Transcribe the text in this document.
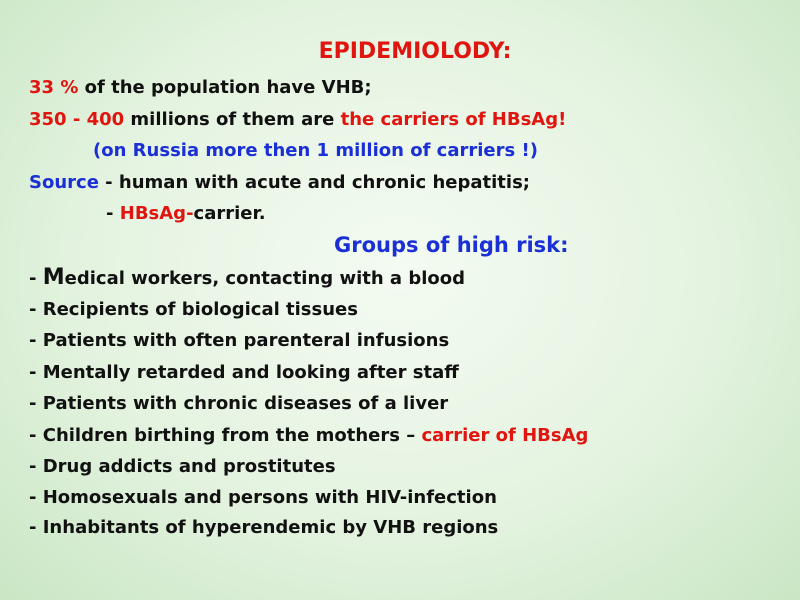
EPIDEMIOLODY:
33 % of the population have VHB;
350 - 400 millions of them are the carriers of HBsAg!
(on Russia more then 1 million of carriers !)
Source - human with acute and chronic hepatitis;
- HBsAg-carrier.
Groups of high risk:
- Medical workers, contacting with a blood
- Recipients of biological tissues
- Patients with often parenteral infusions
- Mentally retarded and looking after staff
- Patients with chronic diseases of a liver
- Children birthing from the mothers – carrier of HBsAg
- Drug addicts and prostitutes
- Homosexuals and persons with HIV-infection
- Inhabitants of hyperendemic by VHB regions
